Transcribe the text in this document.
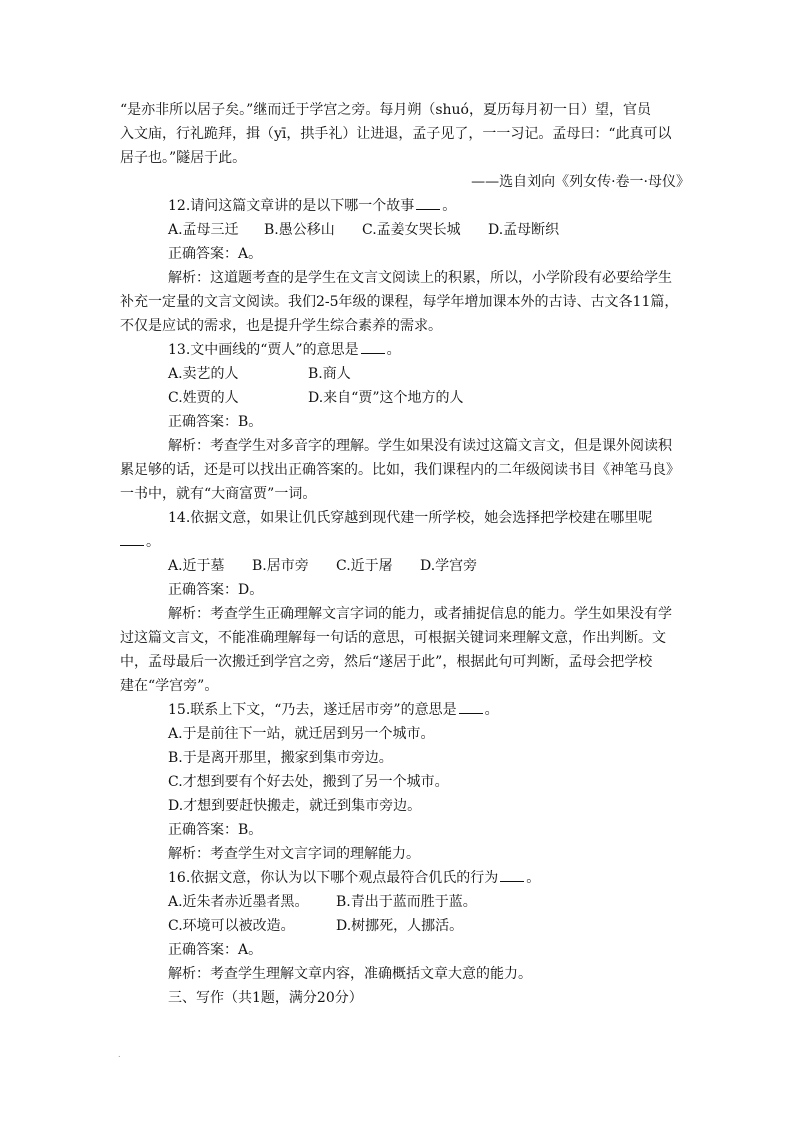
“是亦非所以居子矣。”继而迁于学宫之旁。每月朔（shuó，夏历每月初一日）望，官员

入文庙，行礼跪拜，揖（yī，拱手礼）让进退，孟子见了，一一习记。孟母曰：“此真可以

居子也。”隧居于此。

——选自刘向《列女传·卷一·母仪》

12.请问这篇文章讲的是以下哪一个故事 。

A.孟母三迁	B.愚公移山	C.孟姜女哭长城	D.孟母断织

正确答案：A。

解析：这道题考查的是学生在文言文阅读上的积累，所以，小学阶段有必要给学生

补充一定量的文言文阅读。我们2-5年级的课程，每学年增加课本外的古诗、古文各11篇，

不仅是应试的需求，也是提升学生综合素养的需求。

13.文中画线的“贾人”的意思是 。

A.卖艺的人	B.商人
C.姓贾的人	D.来自“贾”这个地方的人

正确答案：B。

解析：考查学生对多音字的理解。学生如果没有读过这篇文言文，但是课外阅读积

累足够的话，还是可以找出正确答案的。比如，我们课程内的二年级阅读书目《神笔马良》

一书中，就有“大商富贾”一词。

14.依据文意，如果让仉氏穿越到现代建一所学校，她会选择把学校建在哪里呢

。

A.近于墓	B.居市旁	C.近于屠	D.学宫旁

正确答案：D。

解析：考查学生正确理解文言字词的能力，或者捕捉信息的能力。学生如果没有学

过这篇文言文，不能准确理解每一句话的意思，可根据关键词来理解文意，作出判断。文

中，孟母最后一次搬迁到学宫之旁，然后“遂居于此”，根据此句可判断，孟母会把学校

建在“学宫旁”。

15.联系上下文，“乃去，遂迁居市旁”的意思是 。

A.于是前往下一站，就迁居到另一个城市。

B.于是离开那里，搬家到集市旁边。

C.才想到要有个好去处，搬到了另一个城市。

D.才想到要赶快搬走，就迁到集市旁边。

正确答案：B。

解析：考查学生对文言字词的理解能力。

16.依据文意，你认为以下哪个观点最符合仉氏的行为 。

A.近朱者赤近墨者黑。	B.青出于蓝而胜于蓝。
C.环境可以被改造。	D.树挪死，人挪活。

正确答案：A。

解析：考查学生理解文章内容，准确概括文章大意的能力。

三、写作（共1题，满分20分）

.
